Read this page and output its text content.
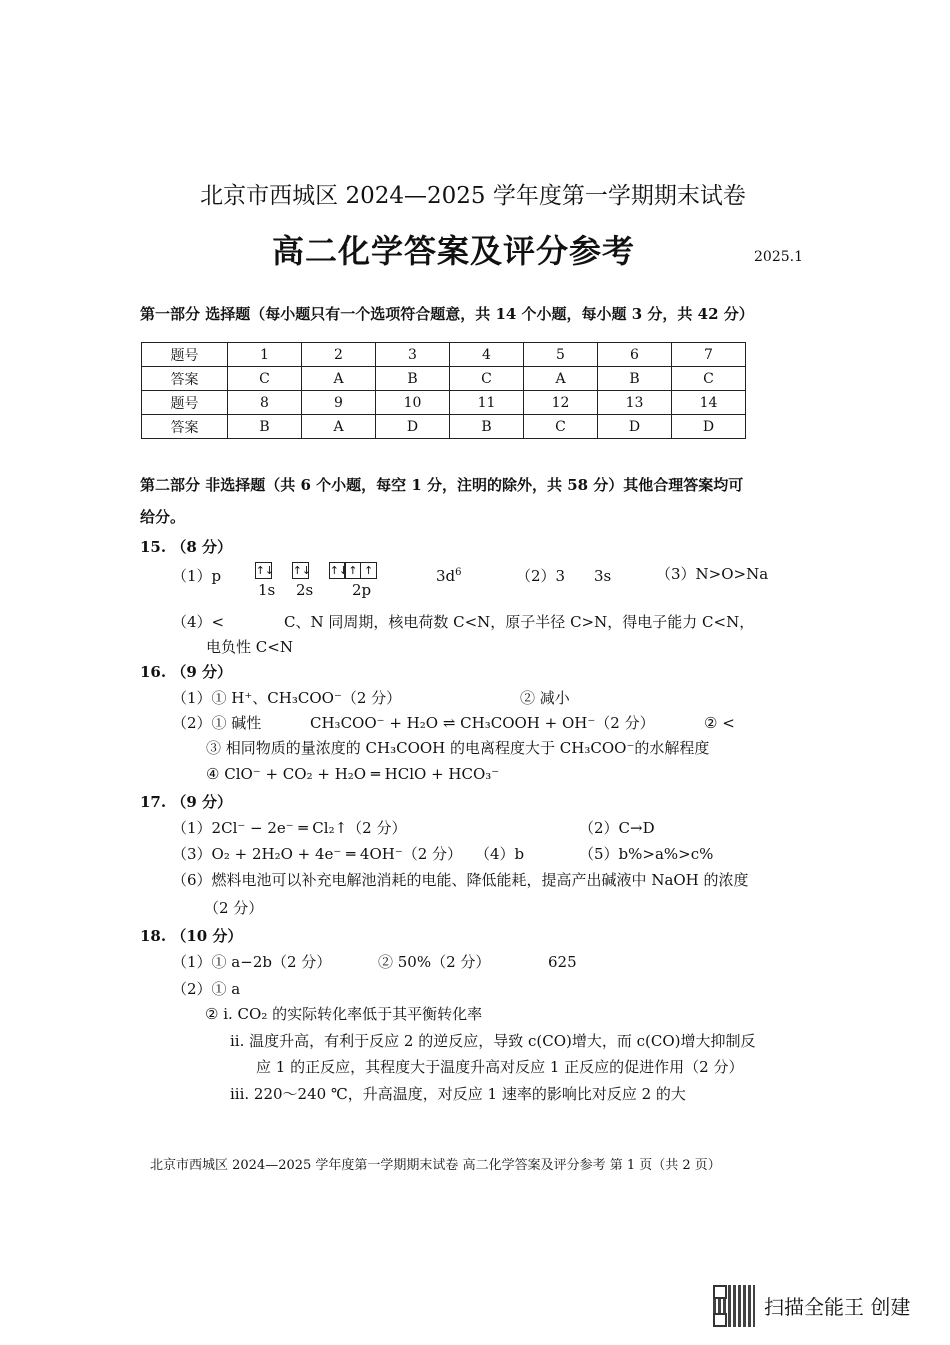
北京市西城区 2024—2025 学年度第一学期期末试卷
高二化学答案及评分参考	2025.1
第一部分 选择题（每小题只有一个选项符合题意，共 14 个小题，每小题 3 分，共 42 分）
题号	1	2	3	4	5	6	7
答案	C	A	B	C	A	B	C
题号	8	9	10	11	12	13	14
答案	B	A	D	B	C	D	D
第二部分 非选择题（共 6 个小题，每空 1 分，注明的除外，共 58 分）其他合理答案均可
给分。
15. （8 分）
（1）p	↑↓ ↑↓ ↑↓ ↑ ↑
1s 2s	2p
$3d^6$	（2）3 3s	（3）N>O>Na
（4）<	C、N 同周期，核电荷数 C<N，原子半径 C>N，得电子能力 C<N，
电负性 C<N
16. （9 分）
（1）① H⁺、CH₃COO⁻（2 分）	② 减小
（2）① 碱性	CH₃COO⁻ + H₂O ⇌ CH₃COOH + OH⁻（2 分）	② <
③ 相同物质的量浓度的 CH₃COOH 的电离程度大于 CH₃COO⁻的水解程度
④ ClO⁻ + CO₂ + H₂O ═ HClO + HCO₃⁻
17. （9 分）
（1）2Cl⁻ − 2e⁻ ═ Cl₂↑（2 分）	（2）C→D
（3）O₂ + 2H₂O + 4e⁻ ═ 4OH⁻（2 分） （4）b	（5）b%>a%>c%
（6）燃料电池可以补充电解池消耗的电能、降低能耗，提高产出碱液中 NaOH 的浓度
（2 分）
18. （10 分）
（1）① a−2b（2 分）	② 50%（2 分）	625
（2）① a
② i. CO₂ 的实际转化率低于其平衡转化率
ii. 温度升高，有利于反应 2 的逆反应，导致 c(CO)增大，而 c(CO)增大抑制反
应 1 的正反应，其程度大于温度升高对反应 1 正反应的促进作用（2 分）
iii. 220～240 ℃，升高温度，对反应 1 速率的影响比对反应 2 的大
北京市西城区 2024—2025 学年度第一学期期末试卷 高二化学答案及评分参考 第 1 页（共 2 页）
扫描全能王 创建
